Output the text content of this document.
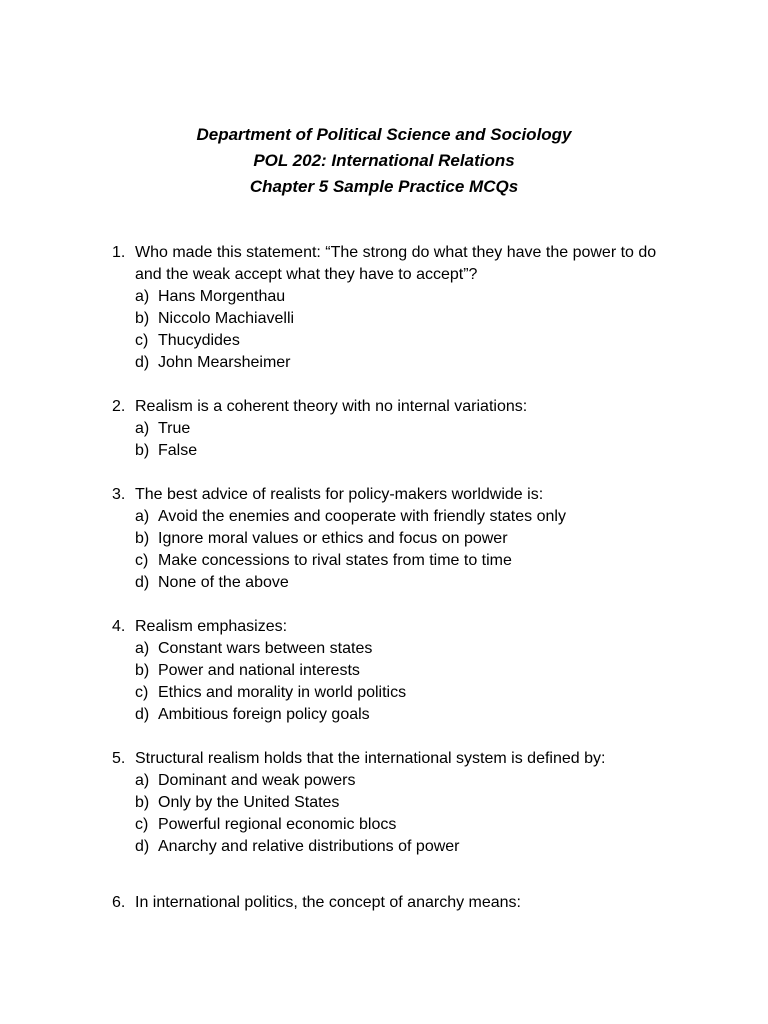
Department of Political Science and Sociology
POL 202: International Relations
Chapter 5 Sample Practice MCQs
1. Who made this statement: “The strong do what they have the power to do
and the weak accept what they have to accept”?
a) Hans Morgenthau
b) Niccolo Machiavelli
c) Thucydides
d) John Mearsheimer
2. Realism is a coherent theory with no internal variations:
a) True
b) False
3. The best advice of realists for policy-makers worldwide is:
a) Avoid the enemies and cooperate with friendly states only
b) Ignore moral values or ethics and focus on power
c) Make concessions to rival states from time to time
d) None of the above
4. Realism emphasizes:
a) Constant wars between states
b) Power and national interests
c) Ethics and morality in world politics
d) Ambitious foreign policy goals
5. Structural realism holds that the international system is defined by:
a) Dominant and weak powers
b) Only by the United States
c) Powerful regional economic blocs
d) Anarchy and relative distributions of power
6. In international politics, the concept of anarchy means:
